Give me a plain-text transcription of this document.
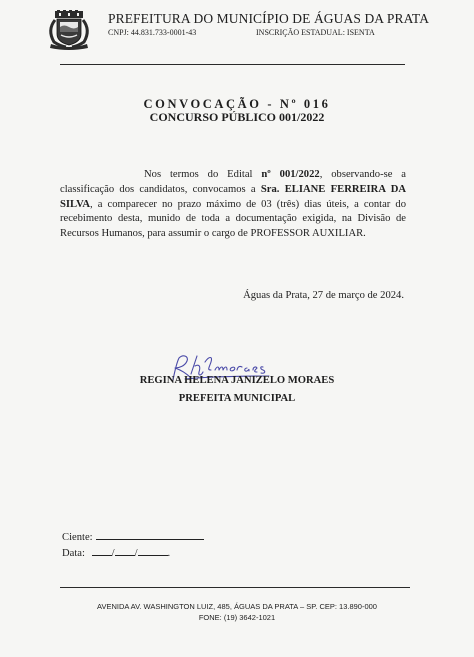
PREFEITURA DO MUNICÍPIO DE ÁGUAS DA PRATA
CNPJ: 44.831.733-0001-43	INSCRIÇÃO ESTADUAL: ISENTA
CONVOCAÇÃO - Nº 016
CONCURSO PÚBLICO 001/2022
Nos termos do Edital nº 001/2022, observando-se a classificação dos candidatos, convocamos a Sra. ELIANE FERREIRA DA SILVA, a comparecer no prazo máximo de 03 (três) dias úteis, a contar do recebimento desta, munido de toda a documentação exigida, na Divisão de Recursos Humanos, para assumir o cargo de PROFESSOR AUXILIAR.
Águas da Prata, 27 de março de 2024.
REGINA HELENA JANIZELO MORAES
PREFEITA MUNICIPAL
Ciente:
Data:	/ /	.
AVENIDA AV. WASHINGTON LUIZ, 485, ÁGUAS DA PRATA – SP. CEP: 13.890-000
FONE: (19) 3642-1021
